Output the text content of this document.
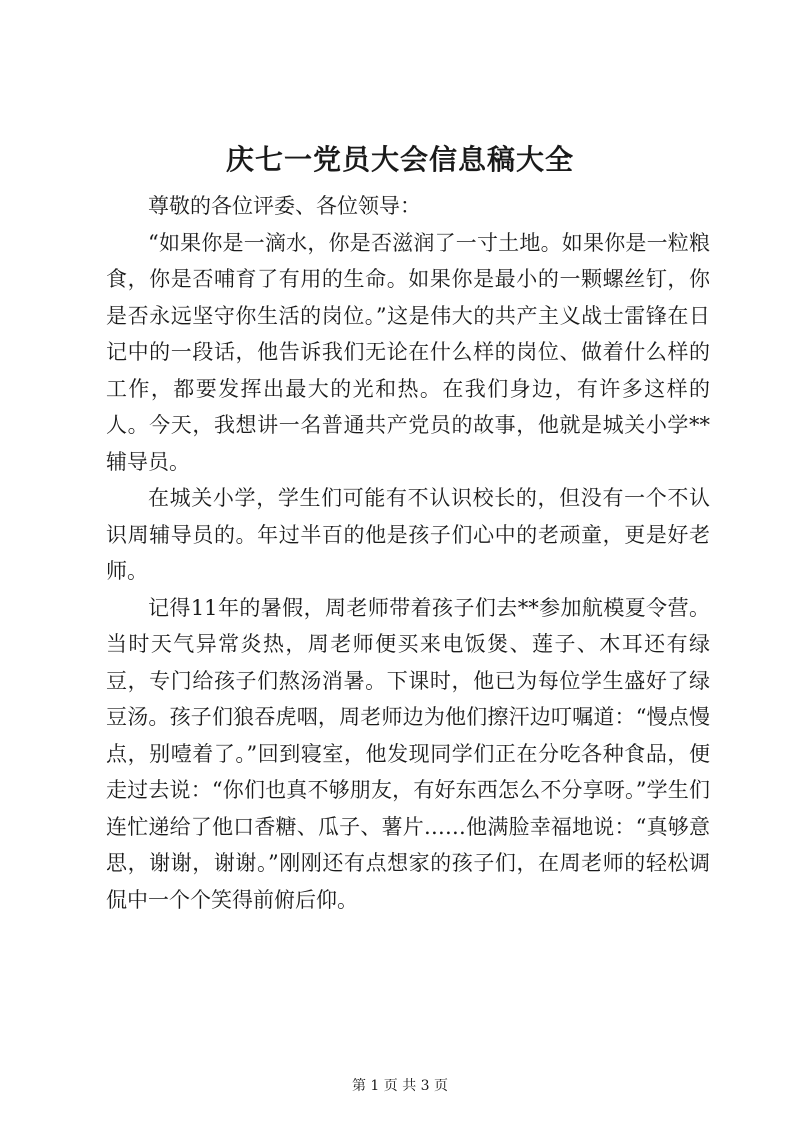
庆七一党员大会信息稿大全

尊敬的各位评委、各位领导：

“如果你是一滴水，你是否滋润了一寸土地。如果你是一粒粮食，你是否哺育了有用的生命。如果你是最小的一颗螺丝钉，你是否永远坚守你生活的岗位。”这是伟大的共产主义战士雷锋在日记中的一段话，他告诉我们无论在什么样的岗位、做着什么样的工作，都要发挥出最大的光和热。在我们身边，有许多这样的人。今天，我想讲一名普通共产党员的故事，他就是城关小学**辅导员。

在城关小学，学生们可能有不认识校长的，但没有一个不认识周辅导员的。年过半百的他是孩子们心中的老顽童，更是好老师。

记得11年的暑假，周老师带着孩子们去**参加航模夏令营。当时天气异常炎热，周老师便买来电饭煲、莲子、木耳还有绿豆，专门给孩子们熬汤消暑。下课时，他已为每位学生盛好了绿豆汤。孩子们狼吞虎咽，周老师边为他们擦汗边叮嘱道：“慢点慢点，别噎着了。”回到寝室，他发现同学们正在分吃各种食品，便走过去说：“你们也真不够朋友，有好东西怎么不分享呀。”学生们连忙递给了他口香糖、瓜子、薯片……他满脸幸福地说：“真够意思，谢谢，谢谢。”刚刚还有点想家的孩子们，在周老师的轻松调侃中一个个笑得前俯后仰。

第 1 页 共 3 页
